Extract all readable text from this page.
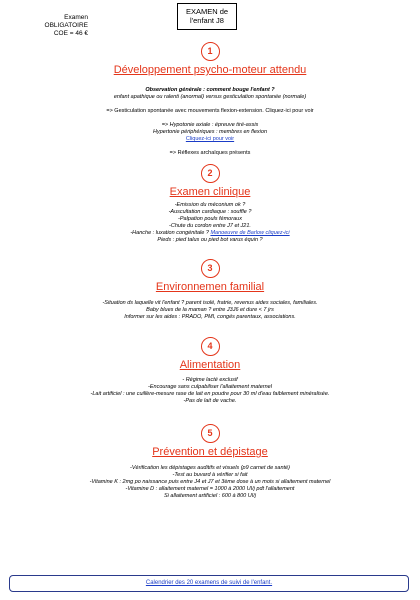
Examen OBLIGATOIRE
COE = 46 €
EXAMEN de
l'enfant J8
1
Développement psycho-moteur attendu

Observation générale : comment bouge l'enfant ?

enfant apathique ou ralenti (anormal) versus gesticulation spontanée (normale)

=> Gesticulation spontanée avec mouvements flexion-extension. Cliquez-ici pour voir

=> Hypotonie axiale : épreuve tiré-assis

Hypertonie périphériques : membres en flexion

Cliquez-ici pour voir

=> Réflexes archaïques présents

2
Examen clinique

-Emission du méconium ok ?

-Auscultation cardiaque : souffle ?

-Palpation pouls fémoraux

-Chute du cordon entre J7 et J21.

-Hanche : luxation congénitale ? Manoeuvre de Barlow cliquez-ici

Pieds : pied talus ou pied bot varus équin ?

3
Environnemen familial

-Situation ds laquelle vit l'enfant ? parent isolé, fratrie, revenus aides sociales, familiales.

Baby blues de la maman ? entre J3J6 et dure < 7 jrs

Informer sur les aides : PRADO, PMI, congés parentaux, associations.

4
Alimentation

- Régime lacté exclusif

-Encourage sans culpabiliser l'allaitement maternel

-Lait artificiel : une cuillère-mesure rase de lait en poudre pour 30 ml d'eau faiblement minéralisée.

-Pas de lait de vache.

5
Prévention et dépistage

-Vérification les dépistages auditifs et visuels (p9 carnet de santé)

-Test au buvard à vérifier si fait

-Vitamine K : 2mg po naissance puis entre J4 et J7 et 3ème dose à un mois si allaitement maternel

-Vitamine D : allaitement maternel = 1000 à 2000 UI/j pdt l'allaitement

Si allaitement artificiel : 600 à 800 UI/j

Calendrier des 20 examens de suivi de l'enfant.
